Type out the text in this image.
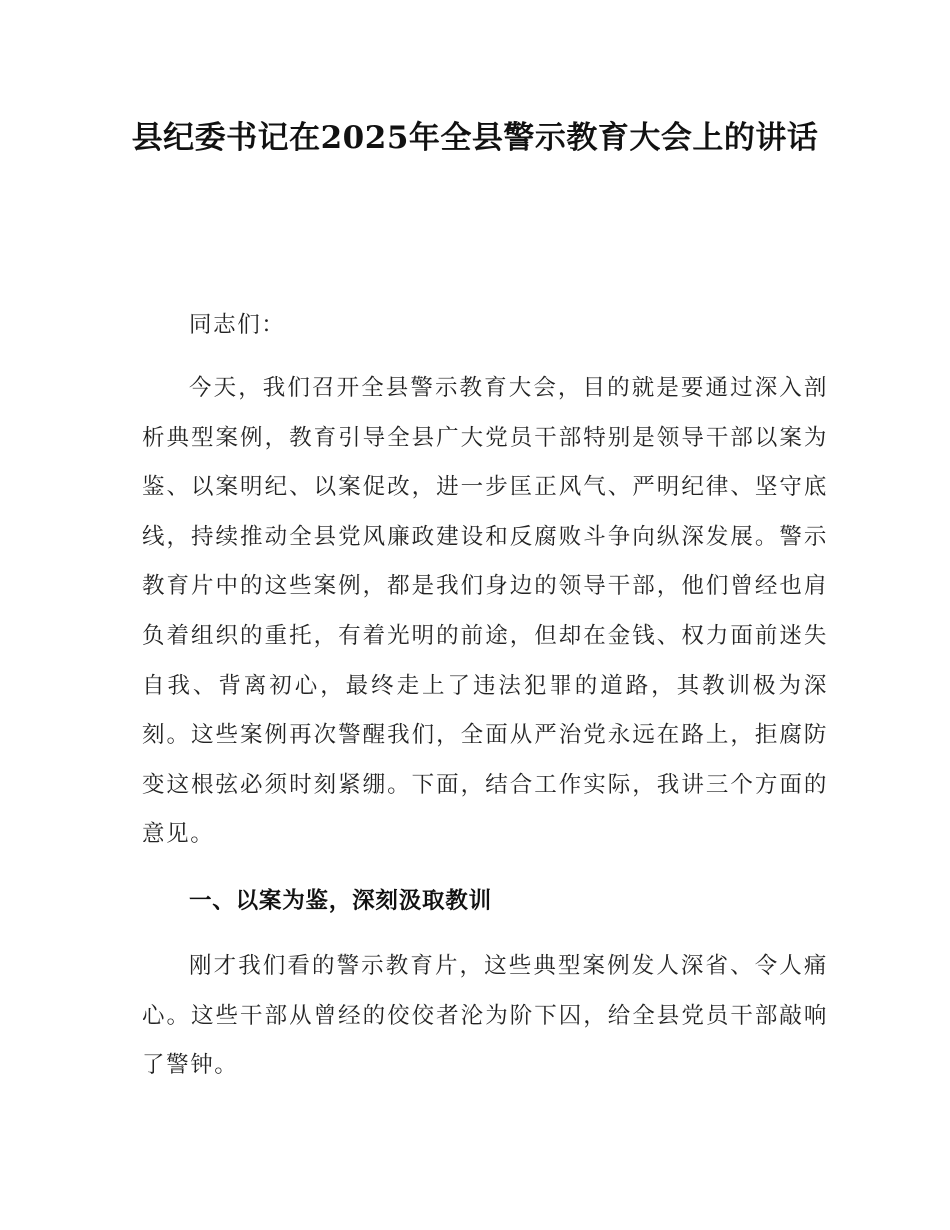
县纪委书记在2025年全县警示教育大会上的讲话

同志们：

今天，我们召开全县警示教育大会，目的就是要通过深入剖析典型案例，教育引导全县广大党员干部特别是领导干部以案为鉴、以案明纪、以案促改，进一步匡正风气、严明纪律、坚守底线，持续推动全县党风廉政建设和反腐败斗争向纵深发展。警示教育片中的这些案例，都是我们身边的领导干部，他们曾经也肩负着组织的重托，有着光明的前途，但却在金钱、权力面前迷失自我、背离初心，最终走上了违法犯罪的道路，其教训极为深刻。这些案例再次警醒我们，全面从严治党永远在路上，拒腐防变这根弦必须时刻紧绷。下面，结合工作实际，我讲三个方面的意见。

一、以案为鉴，深刻汲取教训

刚才我们看的警示教育片，这些典型案例发人深省、令人痛心。这些干部从曾经的佼佼者沦为阶下囚，给全县党员干部敲响了警钟。
